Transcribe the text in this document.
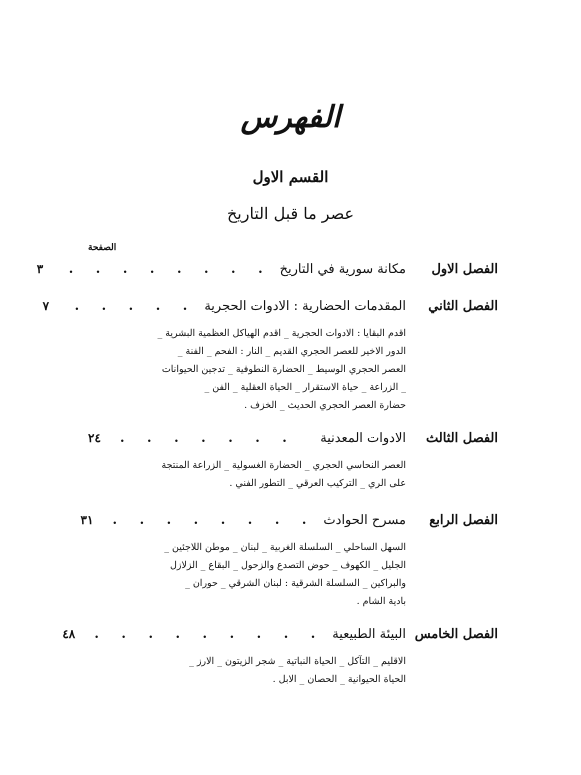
الفهرس
القسم الاول
عصر ما قبل التاريخ
الصفحة
الفصل الاول
مكانة سورية في التاريخ
. . . . . . . .
٣
الفصل الثاني
المقدمات الحضارية : الادوات الحجرية
. . . . .
٧
اقدم البقايا : الادوات الحجرية _ اقدم الهياكل العظمية البشرية _
الدور الاخير للعصر الحجري القديم _ النار : الفحم _ الفنة _
العصر الحجري الوسيط _ الحضارة النطوفية _ تدجين الحيوانات
_ الزراعة _ حياة الاستقرار _ الحياة العقلية _ الفن _
حضارة العصر الحجري الحديث _ الخزف .
الفصل الثالث
الادوات المعدنية
. . . . . . .
٢٤
العصر النحاسي الحجري _ الحضارة الغسولية _ الزراعة المنتجة
على الري _ التركيب العرقي _ التطور الفني .
الفصل الرابع
مسرح الحوادث
. . . . . . . .
٣١
السهل الساحلي _ السلسلة الغربية _ لبنان _ موطن اللاجئين _
الجليل _ الكهوف _ حوض التصدع والزحول _ البقاع _ الزلازل
والبراكين _ السلسلة الشرقية : لبنان الشرقي _ حوران _
بادية الشام .
الفصل الخامس
البيئة الطبيعية
. . . . . . . . .
٤٨
الاقليم _ التآكل _ الحياة النباتية _ شجر الزيتون _ الارز _
الحياة الحيوانية _ الحصان _ الابل .
